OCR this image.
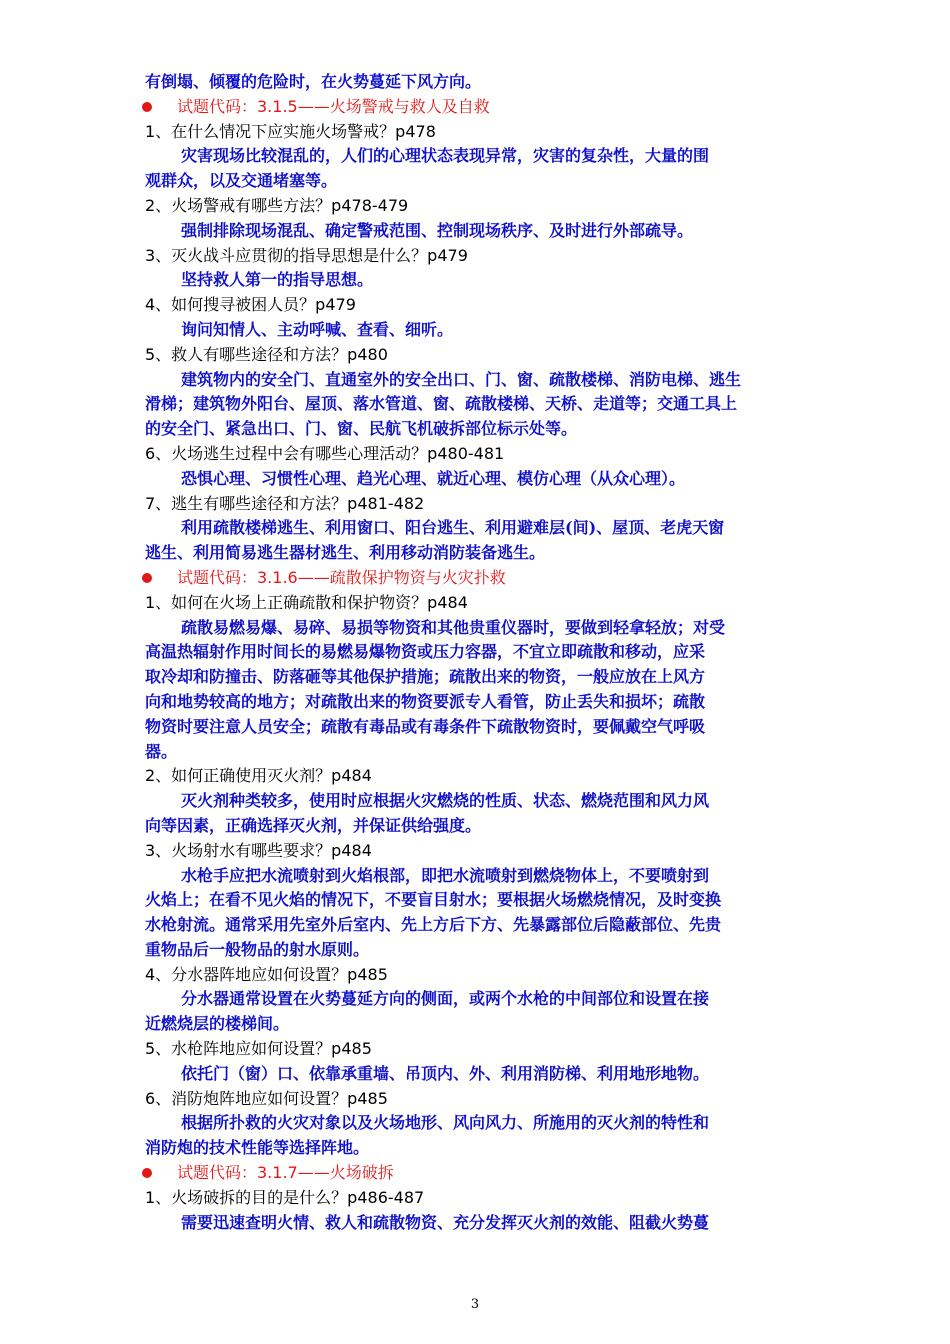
有倒塌、倾覆的危险时，在火势蔓延下风方向。
试题代码：3.1.5——火场警戒与救人及自救
1、在什么情况下应实施火场警戒？p478
灾害现场比较混乱的，人们的心理状态表现异常，灾害的复杂性，大量的围
观群众，以及交通堵塞等。
2、火场警戒有哪些方法？p478-479
强制排除现场混乱、确定警戒范围、控制现场秩序、及时进行外部疏导。
3、灭火战斗应贯彻的指导思想是什么？p479
坚持救人第一的指导思想。
4、如何搜寻被困人员？p479
询问知情人、主动呼喊、查看、细听。
5、救人有哪些途径和方法？p480
建筑物内的安全门、直通室外的安全出口、门、窗、疏散楼梯、消防电梯、逃生
滑梯；建筑物外阳台、屋顶、落水管道、窗、疏散楼梯、天桥、走道等；交通工具上
的安全门、紧急出口、门、窗、民航飞机破拆部位标示处等。
6、火场逃生过程中会有哪些心理活动？p480-481
恐惧心理、习惯性心理、趋光心理、就近心理、模仿心理（从众心理）。
7、逃生有哪些途径和方法？p481-482
利用疏散楼梯逃生、利用窗口、阳台逃生、利用避难层(间)、屋顶、老虎天窗
逃生、利用简易逃生器材逃生、利用移动消防装备逃生。
试题代码：3.1.6——疏散保护物资与火灾扑救
1、如何在火场上正确疏散和保护物资？p484
疏散易燃易爆、易碎、易损等物资和其他贵重仪器时，要做到轻拿轻放；对受
高温热辐射作用时间长的易燃易爆物资或压力容器，不宜立即疏散和移动，应采
取冷却和防撞击、防落砸等其他保护措施；疏散出来的物资，一般应放在上风方
向和地势较高的地方；对疏散出来的物资要派专人看管，防止丢失和损坏；疏散
物资时要注意人员安全；疏散有毒品或有毒条件下疏散物资时，要佩戴空气呼吸
器。
2、如何正确使用灭火剂？p484
灭火剂种类较多，使用时应根据火灾燃烧的性质、状态、燃烧范围和风力风
向等因素，正确选择灭火剂，并保证供给强度。
3、火场射水有哪些要求？p484
水枪手应把水流喷射到火焰根部，即把水流喷射到燃烧物体上，不要喷射到
火焰上；在看不见火焰的情况下，不要盲目射水；要根据火场燃烧情况，及时变换
水枪射流。通常采用先室外后室内、先上方后下方、先暴露部位后隐蔽部位、先贵
重物品后一般物品的射水原则。
4、分水器阵地应如何设置？p485
分水器通常设置在火势蔓延方向的侧面，或两个水枪的中间部位和设置在接
近燃烧层的楼梯间。
5、水枪阵地应如何设置？p485
依托门（窗）口、依靠承重墙、吊顶内、外、利用消防梯、利用地形地物。
6、消防炮阵地应如何设置？p485
根据所扑救的火灾对象以及火场地形、风向风力、所施用的灭火剂的特性和
消防炮的技术性能等选择阵地。
试题代码：3.1.7——火场破拆
1、火场破拆的目的是什么？p486-487
需要迅速查明火情、救人和疏散物资、充分发挥灭火剂的效能、阻截火势蔓
3
